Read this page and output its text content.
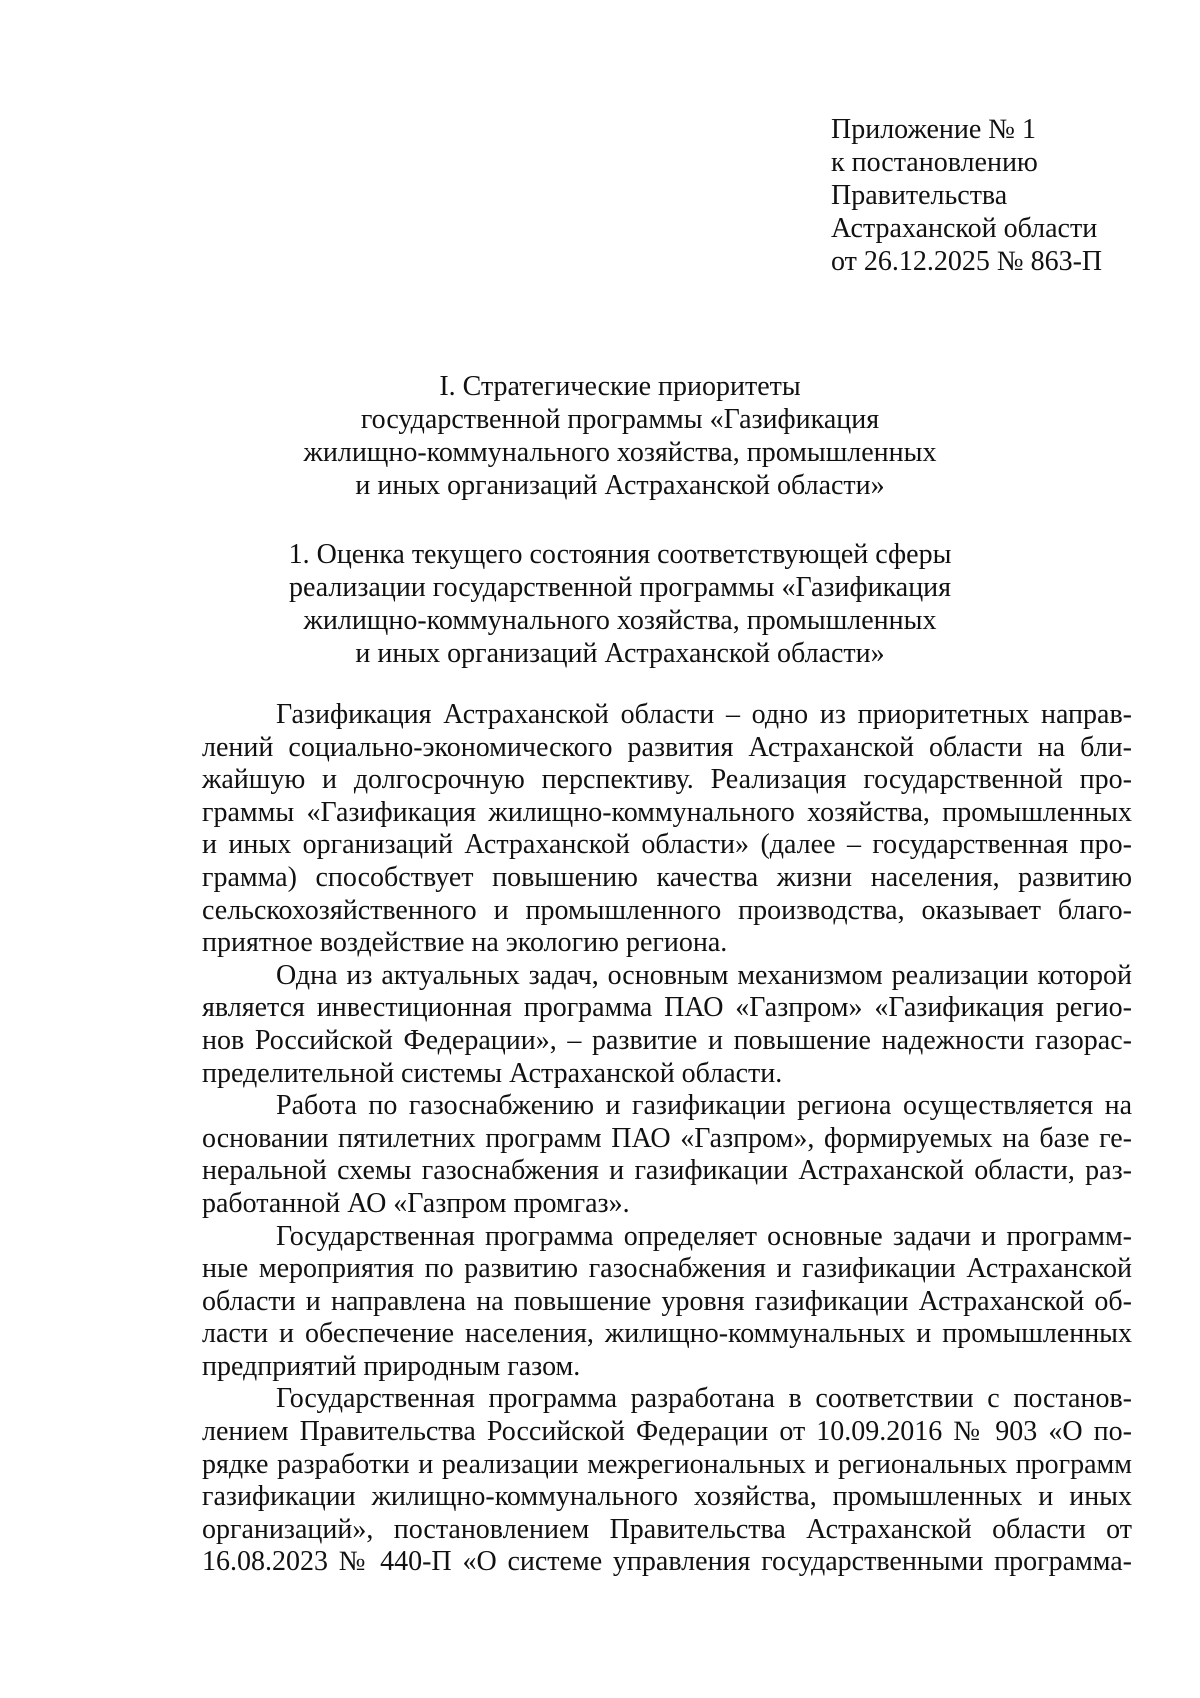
Приложение № 1
к постановлению
Правительства
Астраханской области
от 26.12.2025 № 863-П
I. Стратегические приоритеты
государственной программы «Газификация
жилищно-коммунального хозяйства, промышленных
и иных организаций Астраханской области»
1. Оценка текущего состояния соответствующей сферы
реализации государственной программы «Газификация
жилищно-коммунального хозяйства, промышленных
и иных организаций Астраханской области»
Газификация Астраханской области – одно из приоритетных направ-
лений социально-экономического развития Астраханской области на бли-
жайшую и долгосрочную перспективу. Реализация государственной про-
граммы «Газификация жилищно-коммунального хозяйства, промышленных
и иных организаций Астраханской области» (далее – государственная про-
грамма) способствует повышению качества жизни населения, развитию
сельскохозяйственного и промышленного производства, оказывает благо-
приятное воздействие на экологию региона.
Одна из актуальных задач, основным механизмом реализации которой
является инвестиционная программа ПАО «Газпром» «Газификация регио-
нов Российской Федерации», – развитие и повышение надежности газорас-
пределительной системы Астраханской области.
Работа по газоснабжению и газификации региона осуществляется на
основании пятилетних программ ПАО «Газпром», формируемых на базе ге-
неральной схемы газоснабжения и газификации Астраханской области, раз-
работанной АО «Газпром промгаз».
Государственная программа определяет основные задачи и программ-
ные мероприятия по развитию газоснабжения и газификации Астраханской
области и направлена на повышение уровня газификации Астраханской об-
ласти и обеспечение населения, жилищно-коммунальных и промышленных
предприятий природным газом.
Государственная программа разработана в соответствии с постанов-
лением Правительства Российской Федерации от 10.09.2016 № 903 «О по-
рядке разработки и реализации межрегиональных и региональных программ
газификации жилищно-коммунального хозяйства, промышленных и иных
организаций», постановлением Правительства Астраханской области от
16.08.2023 № 440-П «О системе управления государственными программа-
